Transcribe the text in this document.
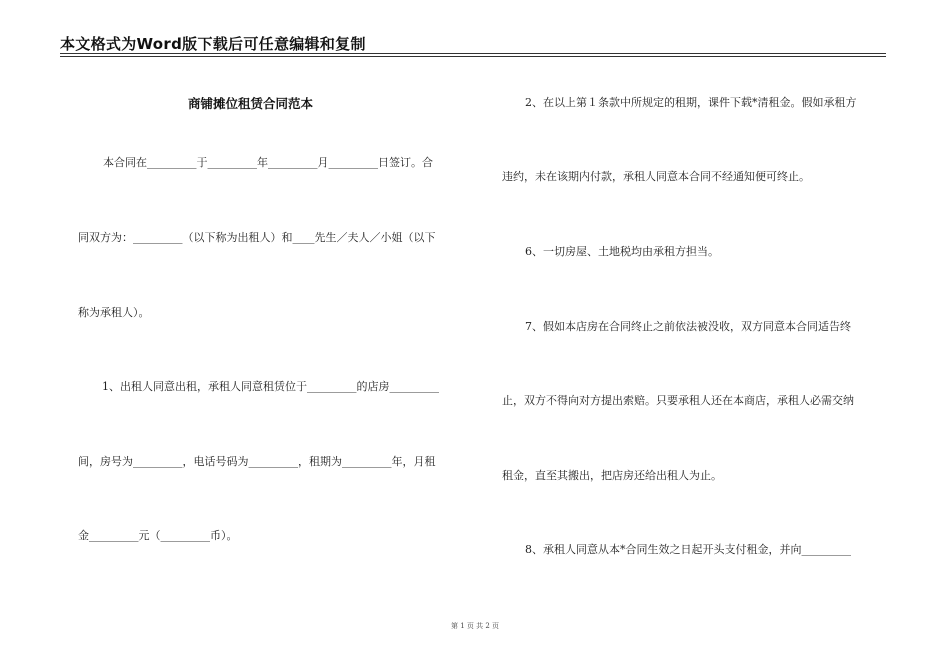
本文格式为Word版下载后可任意编辑和复制
商铺摊位租赁合同范本
本合同在_________于_________年_________月_________日签订。合
同双方为：_________（以下称为出租人）和____先生／夫人／小姐（以下
称为承租人）。
1、出租人同意出租，承租人同意租赁位于_________的店房_________
间，房号为_________，电话号码为_________，租期为_________年，月租
金_________元（_________币）。
2、在以上第１条款中所规定的租期，课件下载*清租金。假如承租方
违约，未在该期内付款，承租人同意本合同不经通知便可终止。
6、一切房屋、土地税均由承租方担当。
7、假如本店房在合同终止之前依法被没收，双方同意本合同适告终
止，双方不得向对方提出索赔。只要承租人还在本商店，承租人必需交纳
租金，直至其搬出，把店房还给出租人为止。
8、承租人同意从本*合同生效之日起开头支付租金，并向_________
第 1 页 共 2 页
